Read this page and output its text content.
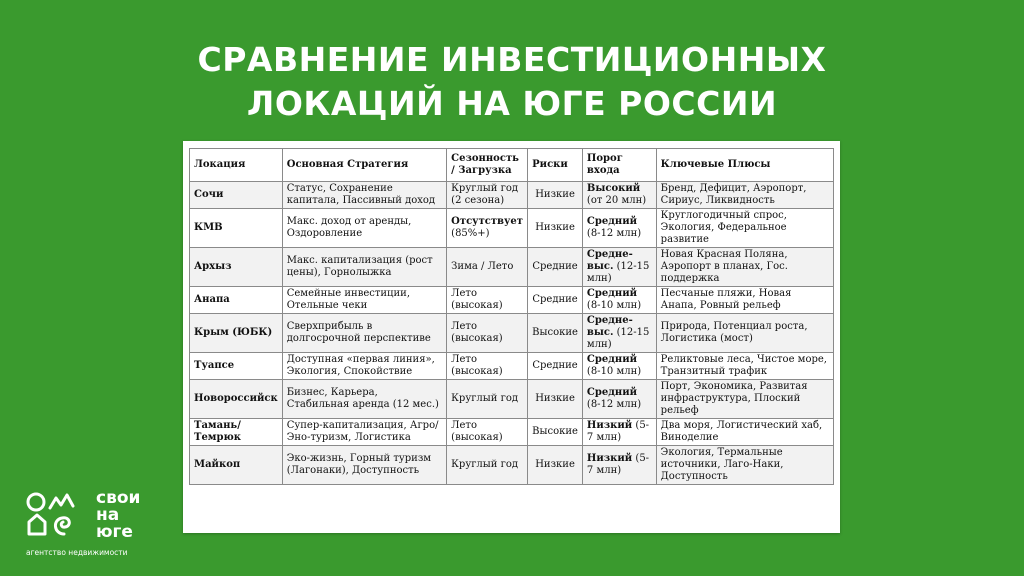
СРАВНЕНИЕ ИНВЕСТИЦИОННЫХ
ЛОКАЦИЙ НА ЮГЕ РОССИИ
Локация	Основная Стратегия	Сезонность / Загрузка	Риски	Порог входа	Ключевые Плюсы
Сочи	Статус, Сохранение капитала, Пассивный доход	Круглый год (2 сезона)	Низкие	Высокий (от 20 млн)	Бренд, Дефицит, Аэропорт, Сириус, Ликвидность
КМВ	Макс. доход от аренды, Оздоровление	Отсутствует (85%+)	Низкие	Средний (8-12 млн)	Круглогодичный спрос, Экология, Федеральное развитие
Архыз	Макс. капитализация (рост цены), Горнолыжка	Зима / Лето	Средние	Средне-выс. (12-15 млн)	Новая Красная Поляна, Аэропорт в планах, Гос. поддержка
Анапа	Семейные инвестиции, Отельные чеки	Лето (высокая)	Средние	Средний (8-10 млн)	Песчаные пляжи, Новая Анапа, Ровный рельеф
Крым (ЮБК)	Сверхприбыль в долгосрочной перспективе	Лето (высокая)	Высокие	Средне-выс. (12-15 млн)	Природа, Потенциал роста, Логистика (мост)
Туапсе	Доступная «первая линия», Экология, Спокойствие	Лето (высокая)	Средние	Средний (8-10 млн)	Реликтовые леса, Чистое море, Транзитный трафик
Новороссийск	Бизнес, Карьера, Стабильная аренда (12 мес.)	Круглый год	Низкие	Средний (8-12 млн)	Порт, Экономика, Развитая инфраструктура, Плоский рельеф
Тамань/ Темрюк	Супер-капитализация, Агро/Эно-туризм, Логистика	Лето (высокая)	Высокие	Низкий (5-7 млн)	Два моря, Логистический хаб, Виноделие
Майкоп	Эко-жизнь, Горный туризм (Лагонаки), Доступность	Круглый год	Низкие	Низкий (5-7 млн)	Экология, Термальные источники, Лаго-Наки, Доступность
свои
на
юге
агентство недвижимости
